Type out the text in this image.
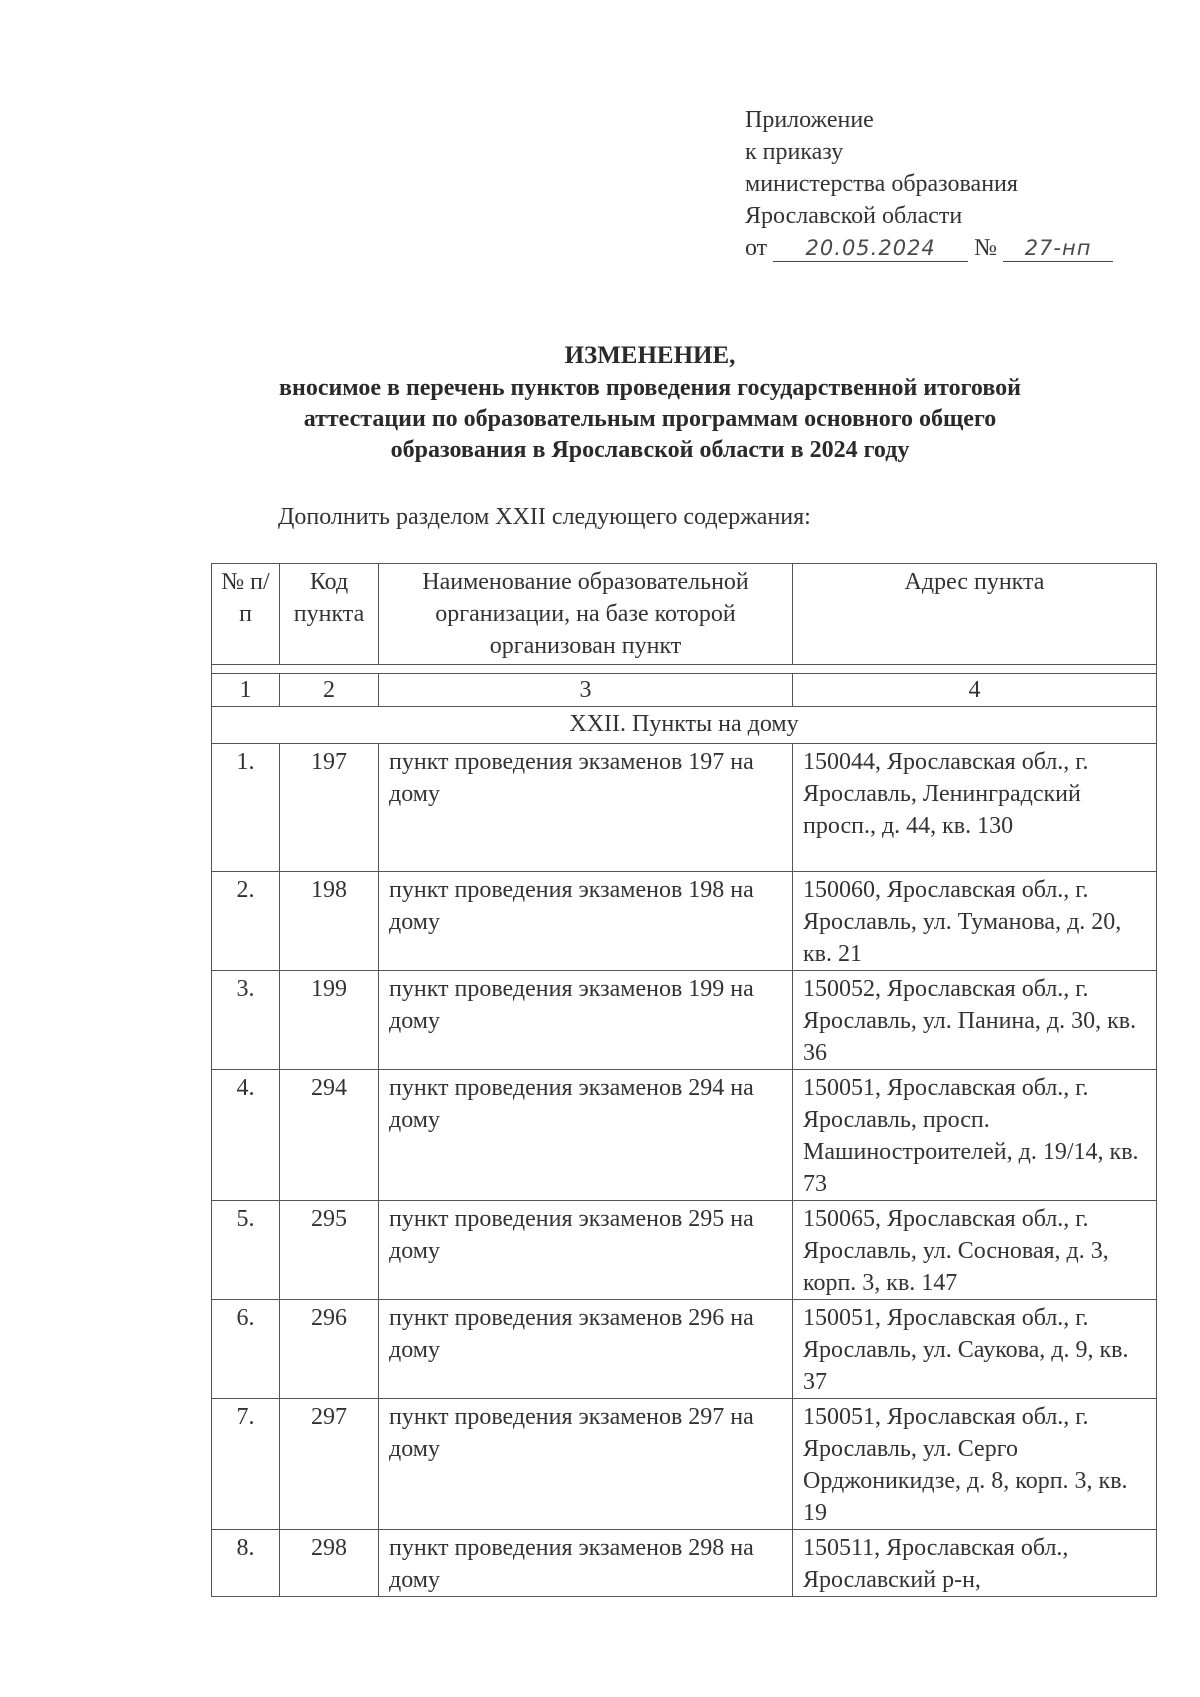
Приложение
к приказу
министерства образования
Ярославской области
от 20.05.2024 № 27-нп
ИЗМЕНЕНИЕ,
вносимое в перечень пунктов проведения государственной итоговой
аттестации по образовательным программам основного общего
образования в Ярославской области в 2024 году
Дополнить разделом XXII следующего содержания:
№ п/п	Код пункта	Наименование образовательной организации, на базе которой организован пункт	Адрес пункта

1	2	3	4
XXII. Пункты на дому			
1.	197	пункт проведения экзаменов 197 на дому	150044, Ярославская обл., г. Ярославль, Ленинградский просп., д. 44, кв. 130
2.	198	пункт проведения экзаменов 198 на дому	150060, Ярославская обл., г. Ярославль, ул. Туманова, д. 20, кв. 21
3.	199	пункт проведения экзаменов 199 на дому	150052, Ярославская обл., г. Ярославль, ул. Панина, д. 30, кв. 36
4.	294	пункт проведения экзаменов 294 на дому	150051, Ярославская обл., г. Ярославль, просп. Машиностроителей, д. 19/14, кв. 73
5.	295	пункт проведения экзаменов 295 на дому	150065, Ярославская обл., г. Ярославль, ул. Сосновая, д. 3, корп. 3, кв. 147
6.	296	пункт проведения экзаменов 296 на дому	150051, Ярославская обл., г. Ярославль, ул. Саукова, д. 9, кв. 37
7.	297	пункт проведения экзаменов 297 на дому	150051, Ярославская обл., г. Ярославль, ул. Серго Орджоникидзе, д. 8, корп. 3, кв. 19
8.	298	пункт проведения экзаменов 298 на дому	150511, Ярославская обл., Ярославский р-н,
